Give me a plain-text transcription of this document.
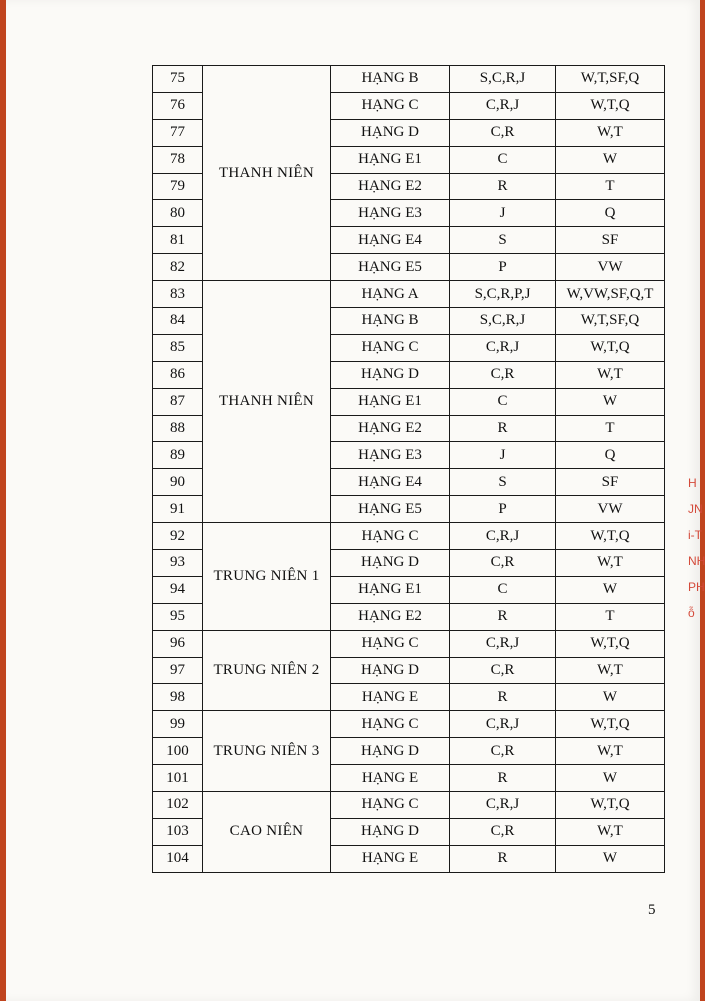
75	THANH NIÊN	HẠNG B	S,C,R,J	W,T,SF,Q
76		HẠNG C	C,R,J	W,T,Q
77		HẠNG D	C,R	W,T
78		HẠNG E1	C	W
79		HẠNG E2	R	T
80		HẠNG E3	J	Q
81		HẠNG E4	S	SF
82		HẠNG E5	P	VW
83	THANH NIÊN	HẠNG A	S,C,R,P,J	W,VW,SF,Q,T
84		HẠNG B	S,C,R,J	W,T,SF,Q
85		HẠNG C	C,R,J	W,T,Q
86		HẠNG D	C,R	W,T
87		HẠNG E1	C	W
88		HẠNG E2	R	T
89		HẠNG E3	J	Q
90		HẠNG E4	S	SF
91		HẠNG E5	P	VW
92	TRUNG NIÊN 1	HẠNG C	C,R,J	W,T,Q
93		HẠNG D	C,R	W,T
94		HẠNG E1	C	W
95		HẠNG E2	R	T
96	TRUNG NIÊN 2	HẠNG C	C,R,J	W,T,Q
97		HẠNG D	C,R	W,T
98		HẠNG E	R	W
99	TRUNG NIÊN 3	HẠNG C	C,R,J	W,T,Q
100		HẠNG D	C,R	W,T
101		HẠNG E	R	W
102	CAO NIÊN	HẠNG C	C,R,J	W,T,Q
103		HẠNG D	C,R	W,T
104		HẠNG E	R	W
H
JN
i-T
NH
PH
ỗ
5
